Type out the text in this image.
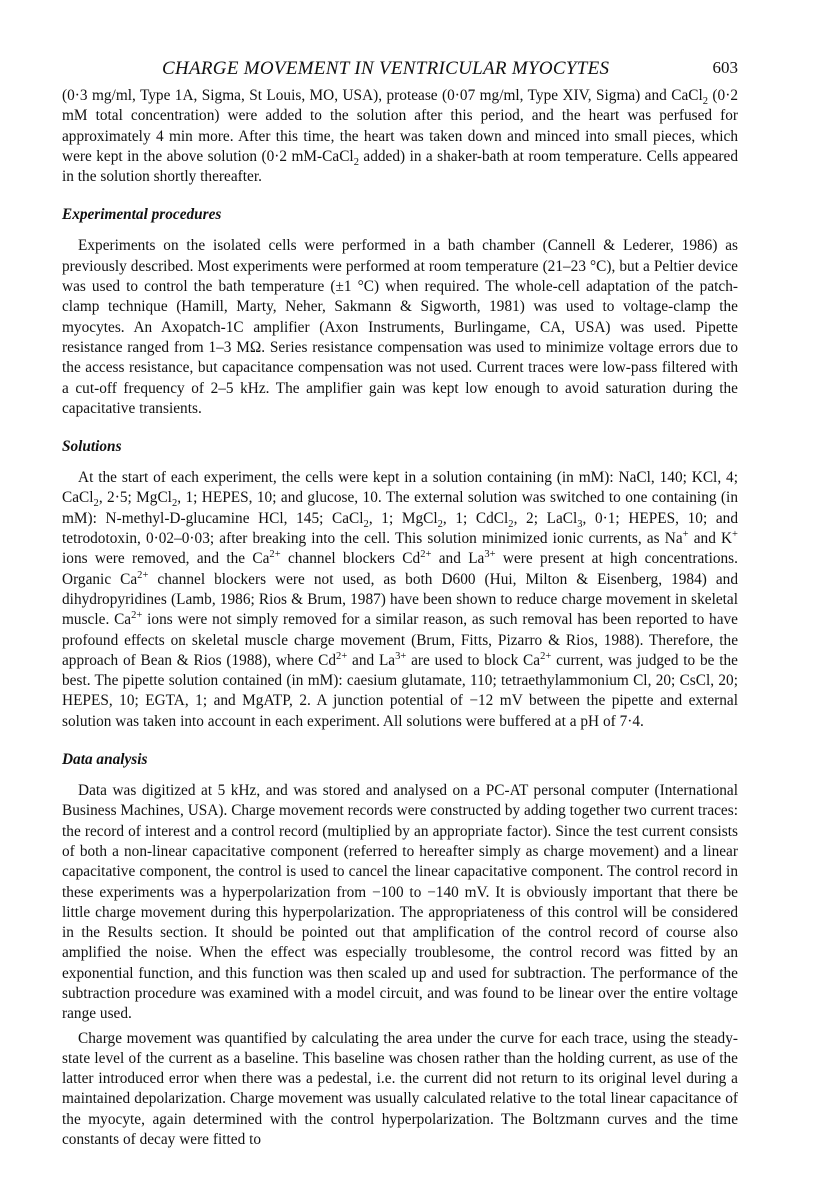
CHARGE MOVEMENT IN VENTRICULAR MYOCYTES	603

(0·3 mg/ml, Type 1A, Sigma, St Louis, MO, USA), protease (0·07 mg/ml, Type XIV, Sigma) and CaCl$_2$ (0·2 mM total concentration) were added to the solution after this period, and the heart was perfused for approximately 4 min more. After this time, the heart was taken down and minced into small pieces, which were kept in the above solution (0·2 mM-CaCl$_2$ added) in a shaker-bath at room temperature. Cells appeared in the solution shortly thereafter.

Experimental procedures

Experiments on the isolated cells were performed in a bath chamber (Cannell & Lederer, 1986) as previously described. Most experiments were performed at room temperature (21–23 °C), but a Peltier device was used to control the bath temperature (±1 °C) when required. The whole-cell adaptation of the patch-clamp technique (Hamill, Marty, Neher, Sakmann & Sigworth, 1981) was used to voltage-clamp the myocytes. An Axopatch-1C amplifier (Axon Instruments, Burlingame, CA, USA) was used. Pipette resistance ranged from 1–3 MΩ. Series resistance compensation was used to minimize voltage errors due to the access resistance, but capacitance compensation was not used. Current traces were low-pass filtered with a cut-off frequency of 2–5 kHz. The amplifier gain was kept low enough to avoid saturation during the capacitative transients.

Solutions

At the start of each experiment, the cells were kept in a solution containing (in mM): NaCl, 140; KCl, 4; CaCl$_2$, 2·5; MgCl$_2$, 1; HEPES, 10; and glucose, 10. The external solution was switched to one containing (in mM): N-methyl-D-glucamine HCl, 145; CaCl$_2$, 1; MgCl$_2$, 1; CdCl$_2$, 2; LaCl$_3$, 0·1; HEPES, 10; and tetrodotoxin, 0·02–0·03; after breaking into the cell. This solution minimized ionic currents, as Na+ and K+ ions were removed, and the $Ca^{2+}$ channel blockers $Cd^{2+}$ and $La^{3+}$ were present at high concentrations. Organic $Ca^{2+}$ channel blockers were not used, as both D600 (Hui, Milton & Eisenberg, 1984) and dihydropyridines (Lamb, 1986; Rios & Brum, 1987) have been shown to reduce charge movement in skeletal muscle. $Ca^{2+}$ ions were not simply removed for a similar reason, as such removal has been reported to have profound effects on skeletal muscle charge movement (Brum, Fitts, Pizarro & Rios, 1988). Therefore, the approach of Bean & Rios (1988), where $Cd^{2+}$ and $La^{3+}$ are used to block $Ca^{2+}$ current, was judged to be the best. The pipette solution contained (in mM): caesium glutamate, 110; tetraethylammonium Cl, 20; CsCl, 20; HEPES, 10; EGTA, 1; and MgATP, 2. A junction potential of −12 mV between the pipette and external solution was taken into account in each experiment. All solutions were buffered at a pH of 7·4.

Data analysis

Data was digitized at 5 kHz, and was stored and analysed on a PC-AT personal computer (International Business Machines, USA). Charge movement records were constructed by adding together two current traces: the record of interest and a control record (multiplied by an appropriate factor). Since the test current consists of both a non-linear capacitative component (referred to hereafter simply as charge movement) and a linear capacitative component, the control is used to cancel the linear capacitative component. The control record in these experiments was a hyperpolarization from −100 to −140 mV. It is obviously important that there be little charge movement during this hyperpolarization. The appropriateness of this control will be considered in the Results section. It should be pointed out that amplification of the control record of course also amplified the noise. When the effect was especially troublesome, the control record was fitted by an exponential function, and this function was then scaled up and used for subtraction. The performance of the subtraction procedure was examined with a model circuit, and was found to be linear over the entire voltage range used.

Charge movement was quantified by calculating the area under the curve for each trace, using the steady-state level of the current as a baseline. This baseline was chosen rather than the holding current, as use of the latter introduced error when there was a pedestal, i.e. the current did not return to its original level during a maintained depolarization. Charge movement was usually calculated relative to the total linear capacitance of the myocyte, again determined with the control hyperpolarization. The Boltzmann curves and the time constants of decay were fitted to
